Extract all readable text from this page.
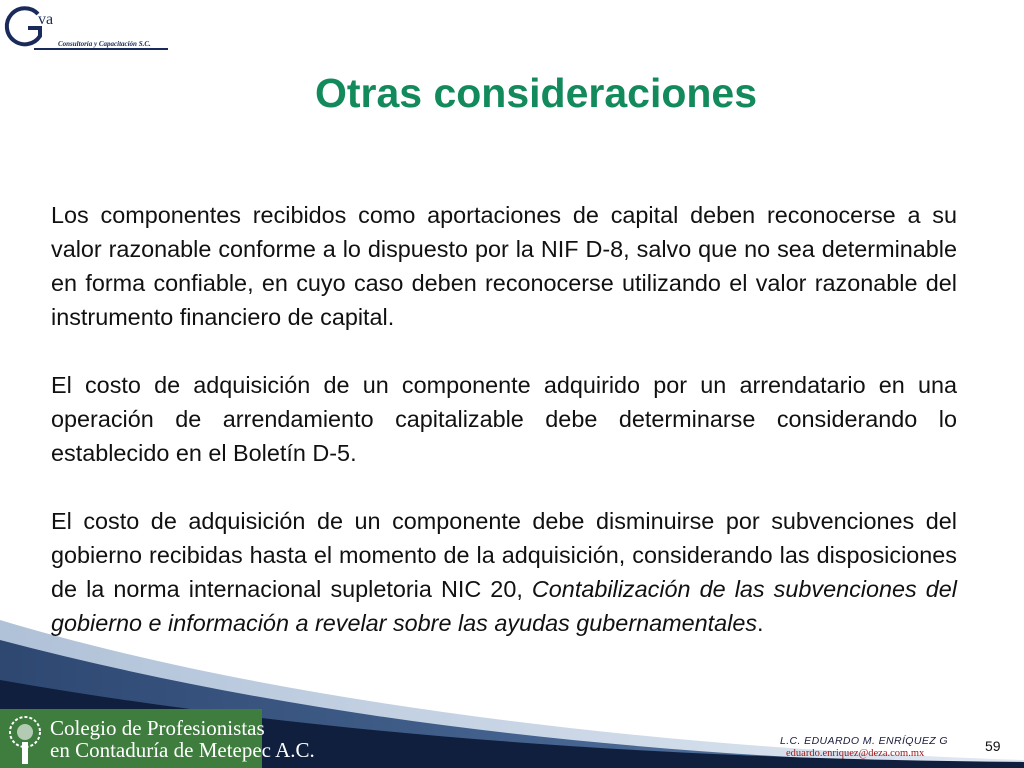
va
Consultoría y Capacitación S.C.
Otras consideraciones

Los componentes recibidos como aportaciones de capital deben reconocerse a su valor razonable conforme a lo dispuesto por la NIF D-8, salvo que no sea determinable en forma confiable, en cuyo caso deben reconocerse utilizando el valor razonable del instrumento financiero de capital.

El costo de adquisición de un componente adquirido por un arrendatario en una operación de arrendamiento capitalizable debe determinarse considerando lo establecido en el Boletín D-5.

El costo de adquisición de un componente debe disminuirse por subvenciones del gobierno recibidas hasta el momento de la adquisición, considerando las disposiciones de la norma internacional supletoria NIC 20, Contabilización de las subvenciones del gobierno e información a revelar sobre las ayudas gubernamentales.

Colegio de Profesionistas
en Contaduría de Metepec A.C.	L.C. EDUARDO M. ENRÍQUEZ G
eduardo.enriquez@deza.com.mx	59
